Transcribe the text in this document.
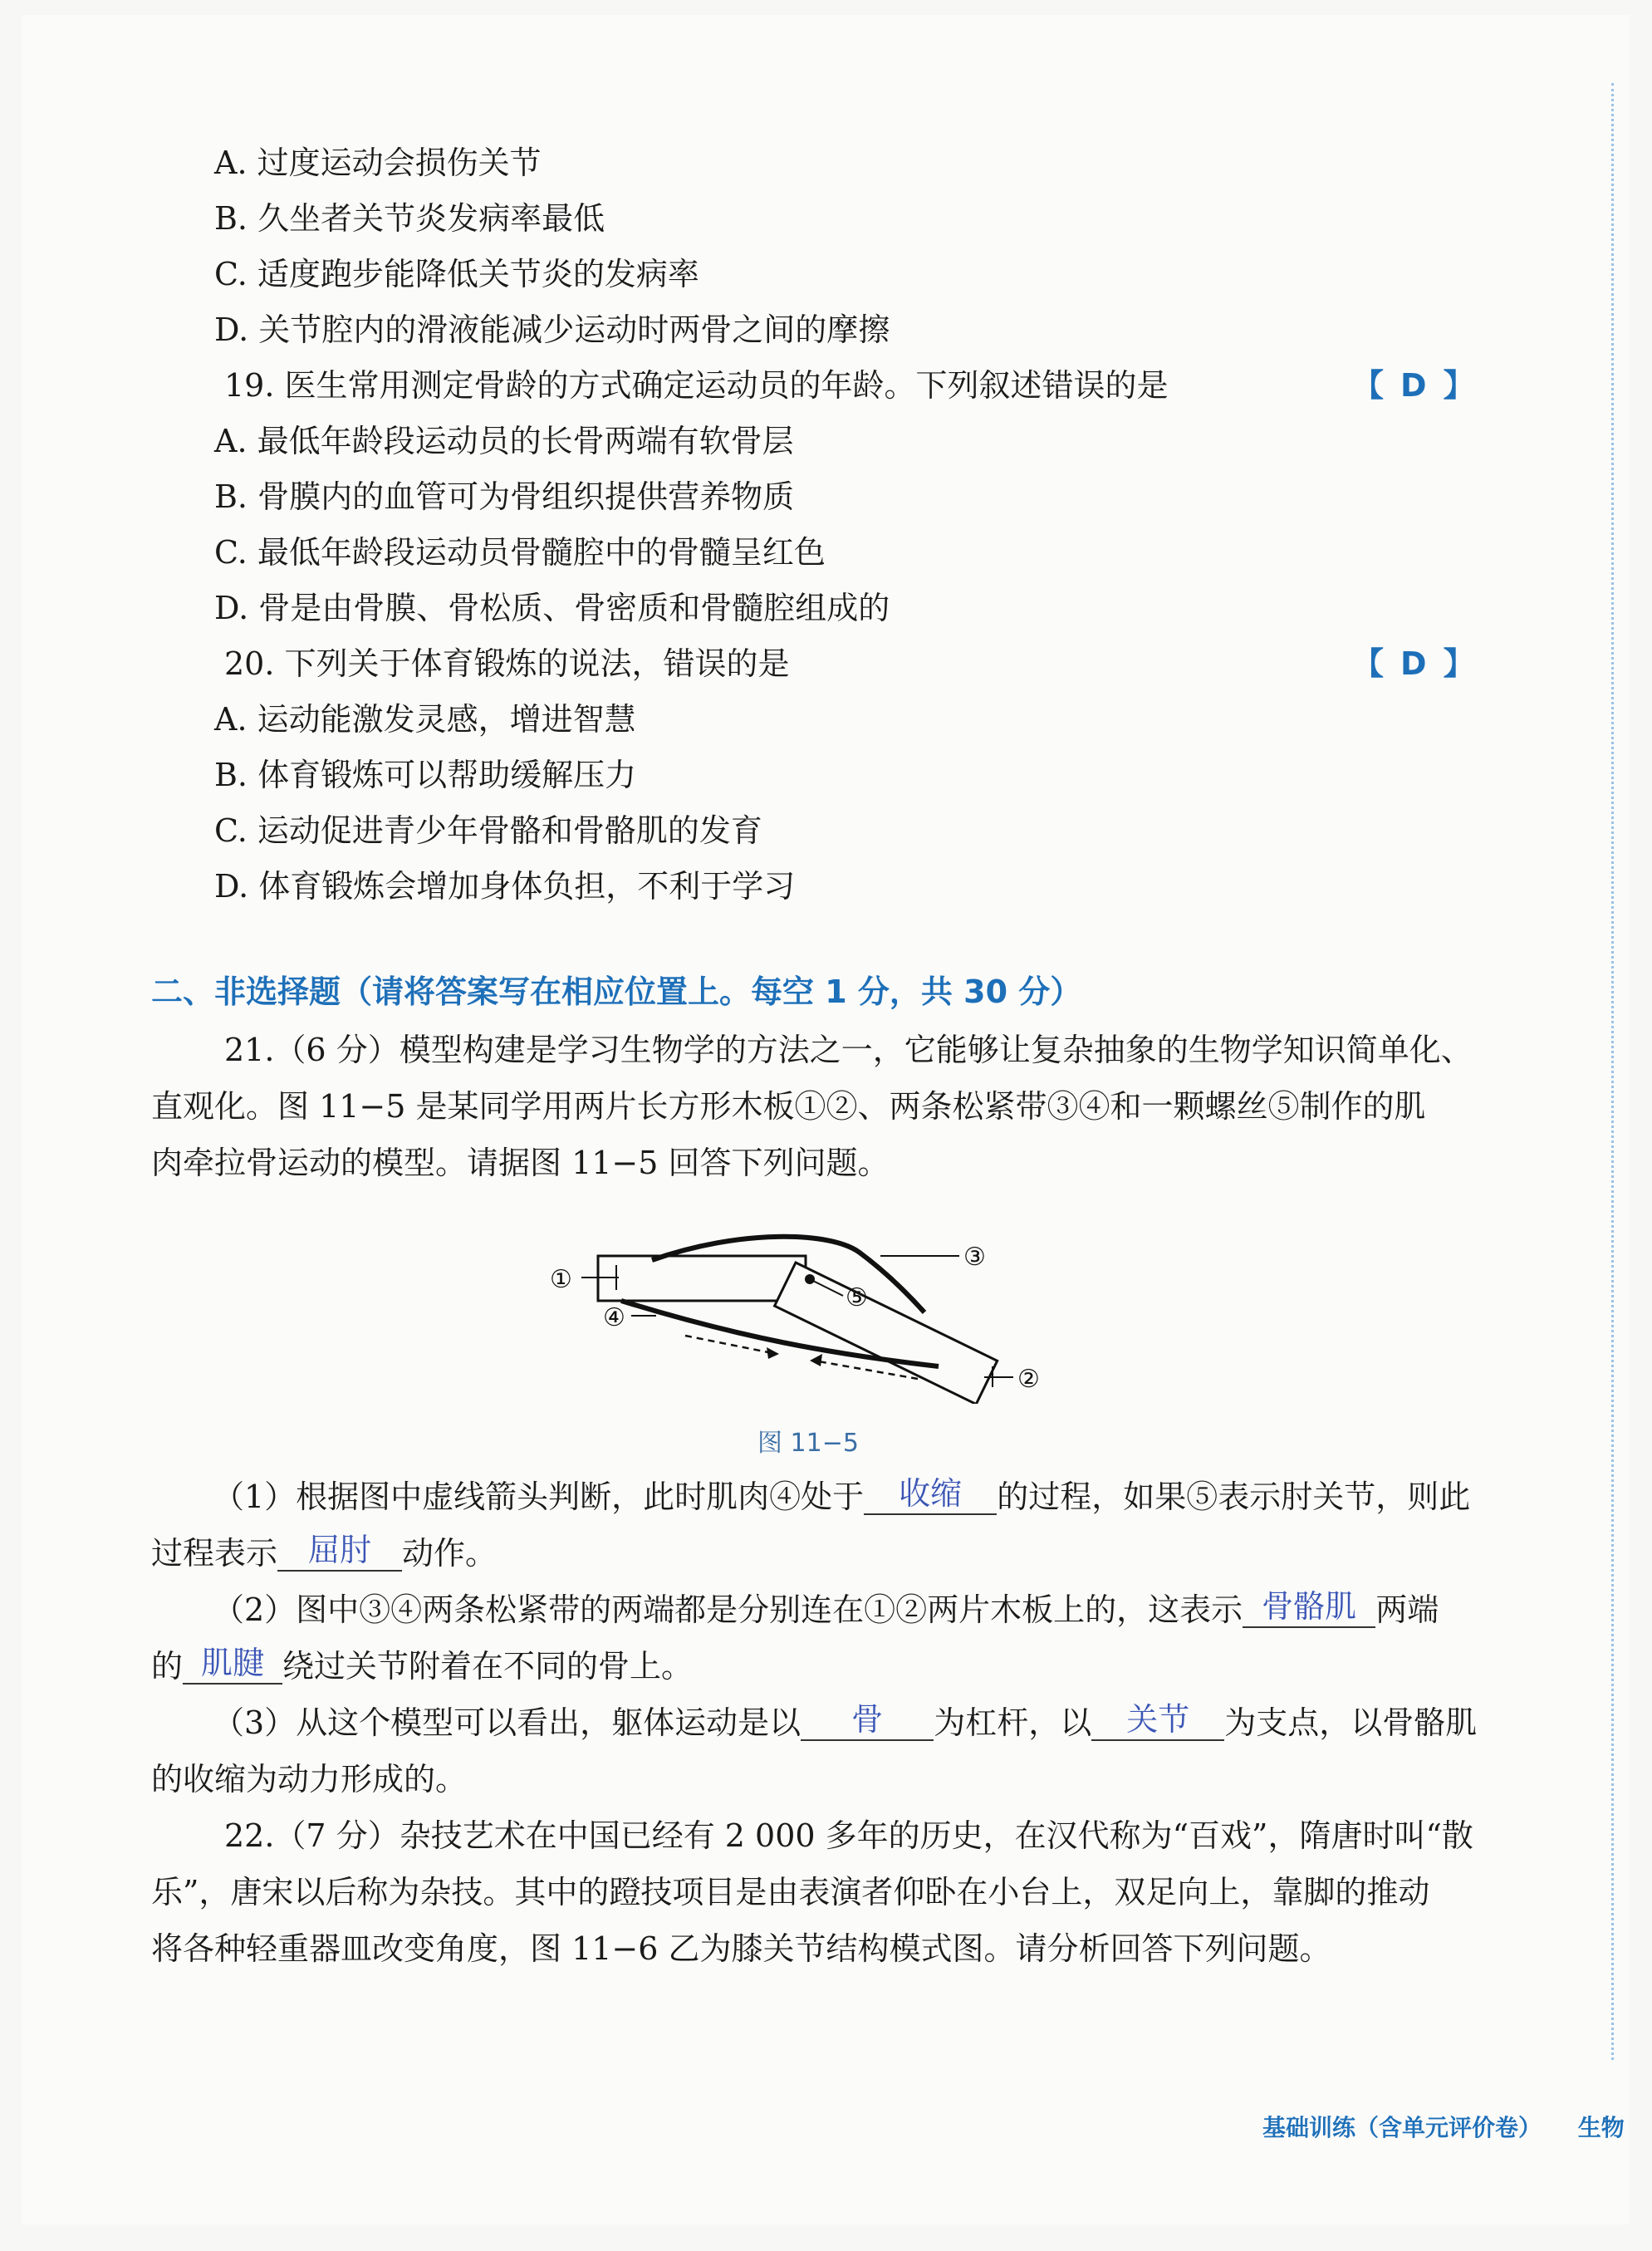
A. 过度运动会损伤关节
B. 久坐者关节炎发病率最低
C. 适度跑步能降低关节炎的发病率
D. 关节腔内的滑液能减少运动时两骨之间的摩擦
19. 医生常用测定骨龄的方式确定运动员的年龄。下列叙述错误的是	【 D 】
A. 最低年龄段运动员的长骨两端有软骨层
B. 骨膜内的血管可为骨组织提供营养物质
C. 最低年龄段运动员骨髓腔中的骨髓呈红色
D. 骨是由骨膜、骨松质、骨密质和骨髓腔组成的
20. 下列关于体育锻炼的说法，错误的是	【 D 】
A. 运动能激发灵感，增进智慧
B. 体育锻炼可以帮助缓解压力
C. 运动促进青少年骨骼和骨骼肌的发育
D. 体育锻炼会增加身体负担，不利于学习
二、非选择题（请将答案写在相应位置上。每空 1 分，共 30 分）
21.（6 分）模型构建是学习生物学的方法之一，它能够让复杂抽象的生物学知识简单化、
直观化。图 11−5 是某同学用两片长方形木板①②、两条松紧带③④和一颗螺丝⑤制作的肌
肉牵拉骨运动的模型。请据图 11−5 回答下列问题。
①
②
③
④
⑤
图 11−5
（1）根据图中虚线箭头判断，此时肌肉④处于 收缩 的过程，如果⑤表示肘关节，则此
过程表示 屈肘 动作。
（2）图中③④两条松紧带的两端都是分别连在①②两片木板上的，这表示 骨骼肌 两端
的 肌腱 绕过关节附着在不同的骨上。
（3）从这个模型可以看出，躯体运动是以 骨 为杠杆，以 关节 为支点，以骨骼肌
的收缩为动力形成的。
22.（7 分）杂技艺术在中国已经有 2 000 多年的历史，在汉代称为“百戏”，隋唐时叫“散
乐”，唐宋以后称为杂技。其中的蹬技项目是由表演者仰卧在小台上，双足向上，靠脚的推动
将各种轻重器皿改变角度，图 11−6 乙为膝关节结构模式图。请分析回答下列问题。
基础训练（含单元评价卷） 生物
